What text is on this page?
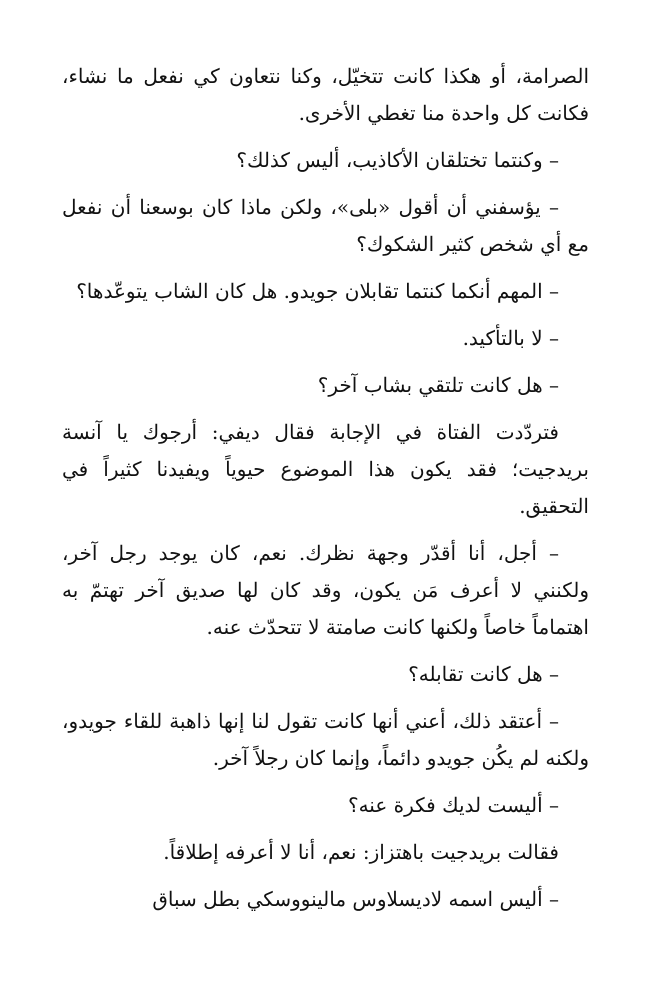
الصرامة، أو هكذا كانت تتخيّل، وكنا نتعاون كي نفعل ما نشاء، فكانت كل واحدة منا تغطي الأخرى.

– وكنتما تختلقان الأكاذيب، أليس كذلك؟

– يؤسفني أن أقول «بلى»، ولكن ماذا كان بوسعنا أن نفعل مع أي شخص كثير الشكوك؟

– المهم أنكما كنتما تقابلان جويدو. هل كان الشاب يتوعّدها؟

– لا بالتأكيد.

– هل كانت تلتقي بشاب آخر؟

فتردّدت الفتاة في الإجابة فقال ديفي: أرجوك يا آنسة بريدجيت؛ فقد يكون هذا الموضوع حيوياً ويفيدنا كثيراً في التحقيق.

– أجل، أنا أقدّر وجهة نظرك. نعم، كان يوجد رجل آخر، ولكنني لا أعرف مَن يكون، وقد كان لها صديق آخر تهتمّ به اهتماماً خاصاً ولكنها كانت صامتة لا تتحدّث عنه.

– هل كانت تقابله؟

– أعتقد ذلك، أعني أنها كانت تقول لنا إنها ذاهبة للقاء جويدو، ولكنه لم يكُن جويدو دائماً، وإنما كان رجلاً آخر.

– أليست لديك فكرة عنه؟

فقالت بريدجيت باهتزاز: نعم، أنا لا أعرفه إطلاقاً.

– أليس اسمه لاديسلاوس مالينووسكي بطل سباق
